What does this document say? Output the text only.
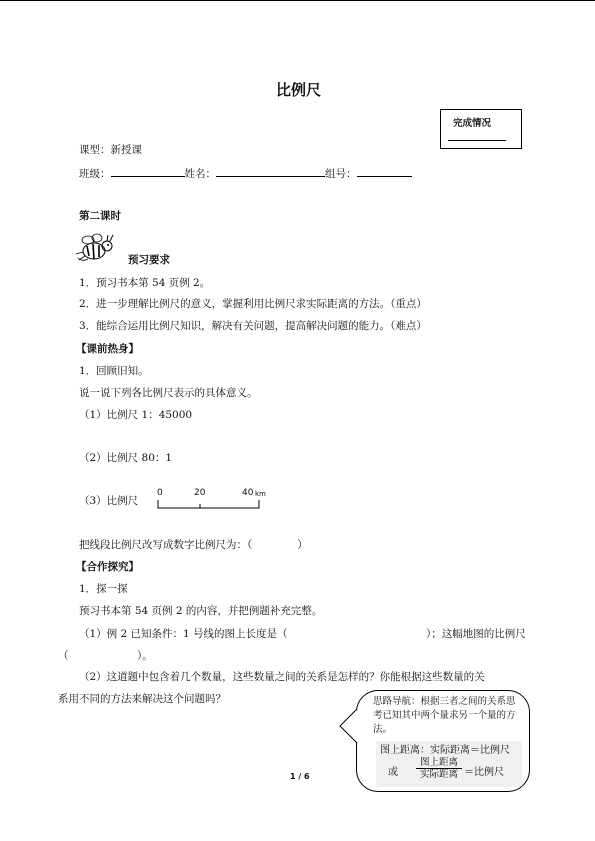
比例尺
完成情况
课型：新授课
班级：	姓名：	组号：
第二课时
预习要求
1．预习书本第 54 页例 2。
2．进一步理解比例尺的意义，掌握利用比例尺求实际距离的方法。（重点）
3．能综合运用比例尺知识，解决有关问题，提高解决问题的能力。（难点）
【课前热身】
1．回顾旧知。
说一说下列各比例尺表示的具体意义。
（1）比例尺 1：45000
（2）比例尺 80：1
（3）比例尺
0	20	40 km
把线段比例尺改写成数字比例尺为：（	）
【合作探究】
1．探一探
预习书本第 54 页例 2 的内容，并把例题补充完整。
（1）例 2 已知条件：1 号线的图上长度是（	）；这幅地图的比例尺
（	）。
（2）这道题中包含着几个数量，这些数量之间的关系是怎样的？你能根据这些数量的关
系用不同的方法来解决这个问题吗？	思路导航：根据三者之间的关系思考已知其中两个量求另一个量的方法。
图上距离：实际距离＝比例尺
或
图上距离
实际距离 ＝比例尺
1 / 6
